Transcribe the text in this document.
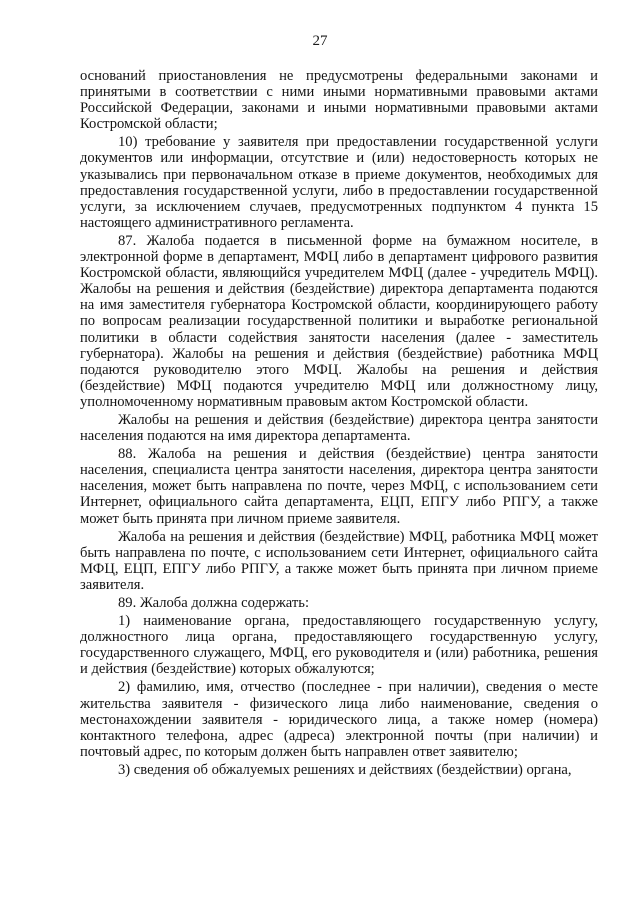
27

оснований приостановления не предусмотрены федеральными законами и принятыми в соответствии с ними иными нормативными правовыми актами Российской Федерации, законами и иными нормативными правовыми актами Костромской области;

10) требование у заявителя при предоставлении государственной услуги документов или информации, отсутствие и (или) недостоверность которых не указывались при первоначальном отказе в приеме документов, необходимых для предоставления государственной услуги, либо в предоставлении государственной услуги, за исключением случаев, предусмотренных подпунктом 4 пункта 15 настоящего административного регламента.

87. Жалоба подается в письменной форме на бумажном носителе, в электронной форме в департамент, МФЦ либо в департамент цифрового развития Костромской области, являющийся учредителем МФЦ (далее - учредитель МФЦ). Жалобы на решения и действия (бездействие) директора департамента подаются на имя заместителя губернатора Костромской области, координирующего работу по вопросам реализации государственной политики и выработке региональной политики в области содействия занятости населения (далее - заместитель губернатора). Жалобы на решения и действия (бездействие) работника МФЦ подаются руководителю этого МФЦ. Жалобы на решения и действия (бездействие) МФЦ подаются учредителю МФЦ или должностному лицу, уполномоченному нормативным правовым актом Костромской области.

Жалобы на решения и действия (бездействие) директора центра занятости населения подаются на имя директора департамента.

88. Жалоба на решения и действия (бездействие) центра занятости населения, специалиста центра занятости населения, директора центра занятости населения, может быть направлена по почте, через МФЦ, с использованием сети Интернет, официального сайта департамента, ЕЦП, ЕПГУ либо РПГУ, а также может быть принята при личном приеме заявителя.

Жалоба на решения и действия (бездействие) МФЦ, работника МФЦ может быть направлена по почте, с использованием сети Интернет, официального сайта МФЦ, ЕЦП, ЕПГУ либо РПГУ, а также может быть принята при личном приеме заявителя.

89. Жалоба должна содержать:

1) наименование органа, предоставляющего государственную услугу, должностного лица органа, предоставляющего государственную услугу, государственного служащего, МФЦ, его руководителя и (или) работника, решения и действия (бездействие) которых обжалуются;

2) фамилию, имя, отчество (последнее - при наличии), сведения о месте жительства заявителя - физического лица либо наименование, сведения о местонахождении заявителя - юридического лица, а также номер (номера) контактного телефона, адрес (адреса) электронной почты (при наличии) и почтовый адрес, по которым должен быть направлен ответ заявителю;

3) сведения об обжалуемых решениях и действиях (бездействии) органа,
